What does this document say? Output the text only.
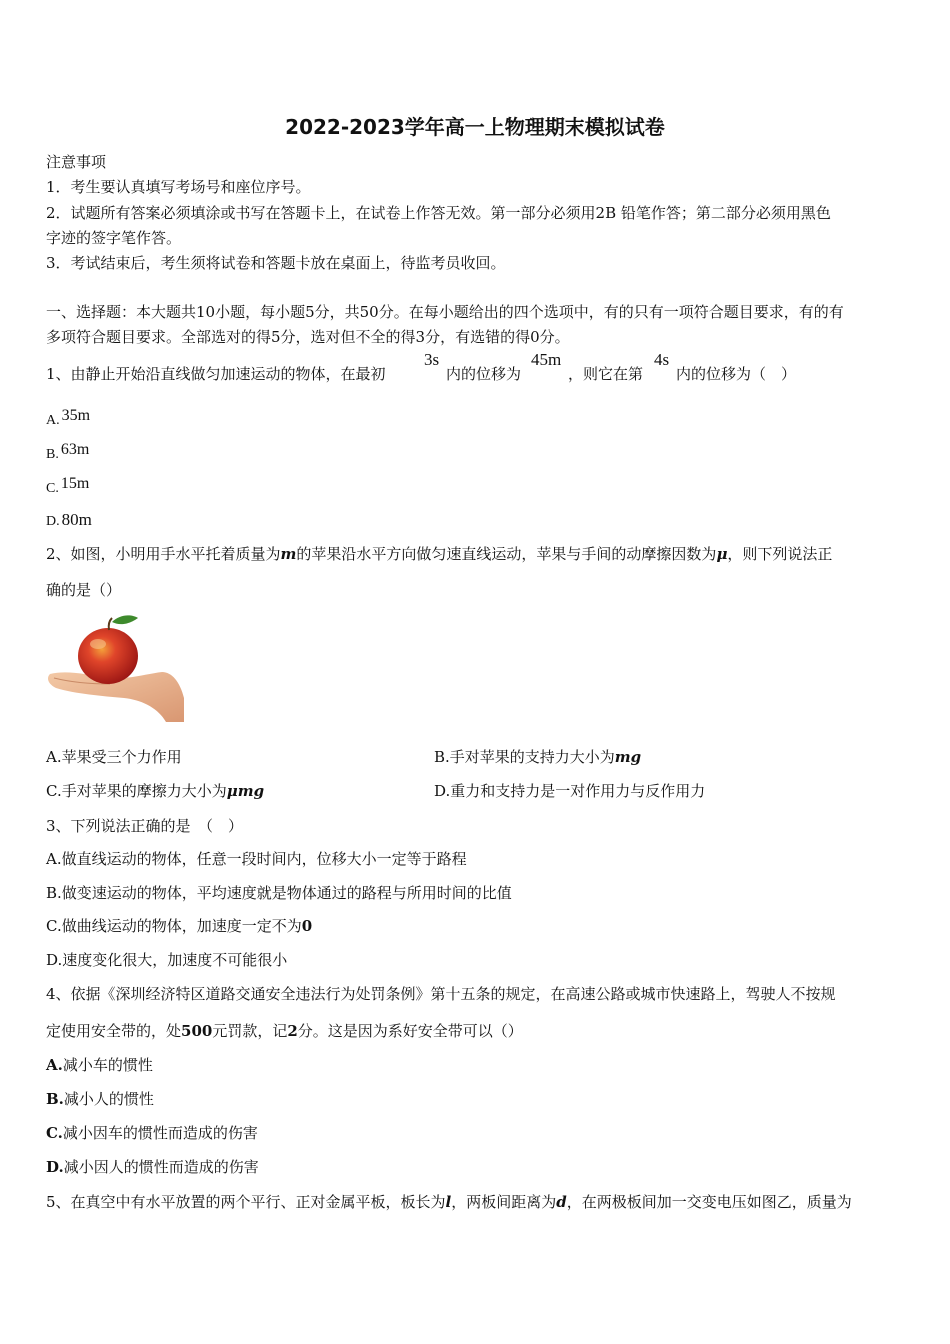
2022-2023学年高一上物理期末模拟试卷
注意事项
1．考生要认真填写考场号和座位序号。
2．试题所有答案必须填涂或书写在答题卡上，在试卷上作答无效。第一部分必须用2B 铅笔作答；第二部分必须用黑色
字迹的签字笔作答。
3．考试结束后，考生须将试卷和答题卡放在桌面上，待监考员收回。
一、选择题：本大题共10小题，每小题5分，共50分。在每小题给出的四个选项中，有的只有一项符合题目要求，有的有
多项符合题目要求。全部选对的得5分，选对但不全的得3分，有选错的得0分。
1、由静止开始沿直线做匀加速运动的物体，在最初
3s
内的位移为
45m
，则它在第
4s
内的位移为（　）
A. 35m
B. 63m
C. 15m
D. 80m
2、如图，小明用手水平托着质量为m的苹果沿水平方向做匀速直线运动，苹果与手间的动摩擦因数为μ，则下列说法正
确的是（）
A.苹果受三个力作用	B.手对苹果的支持力大小为mg
C.手对苹果的摩擦力大小为μmg	D.重力和支持力是一对作用力与反作用力
3、下列说法正确的是　（　）
A.做直线运动的物体，任意一段时间内，位移大小一定等于路程
B.做变速运动的物体，平均速度就是物体通过的路程与所用时间的比值
C.做曲线运动的物体，加速度一定不为0
D.速度变化很大，加速度不可能很小
4、依据《深圳经济特区道路交通安全违法行为处罚条例》第十五条的规定，在高速公路或城市快速路上，驾驶人不按规
定使用安全带的，处500元罚款，记2分。这是因为系好安全带可以（）
A.减小车的惯性
B.减小人的惯性
C.减小因车的惯性而造成的伤害
D.减小因人的惯性而造成的伤害
5、在真空中有水平放置的两个平行、正对金属平板，板长为l，两板间距离为d，在两极板间加一交变电压如图乙，质量为
